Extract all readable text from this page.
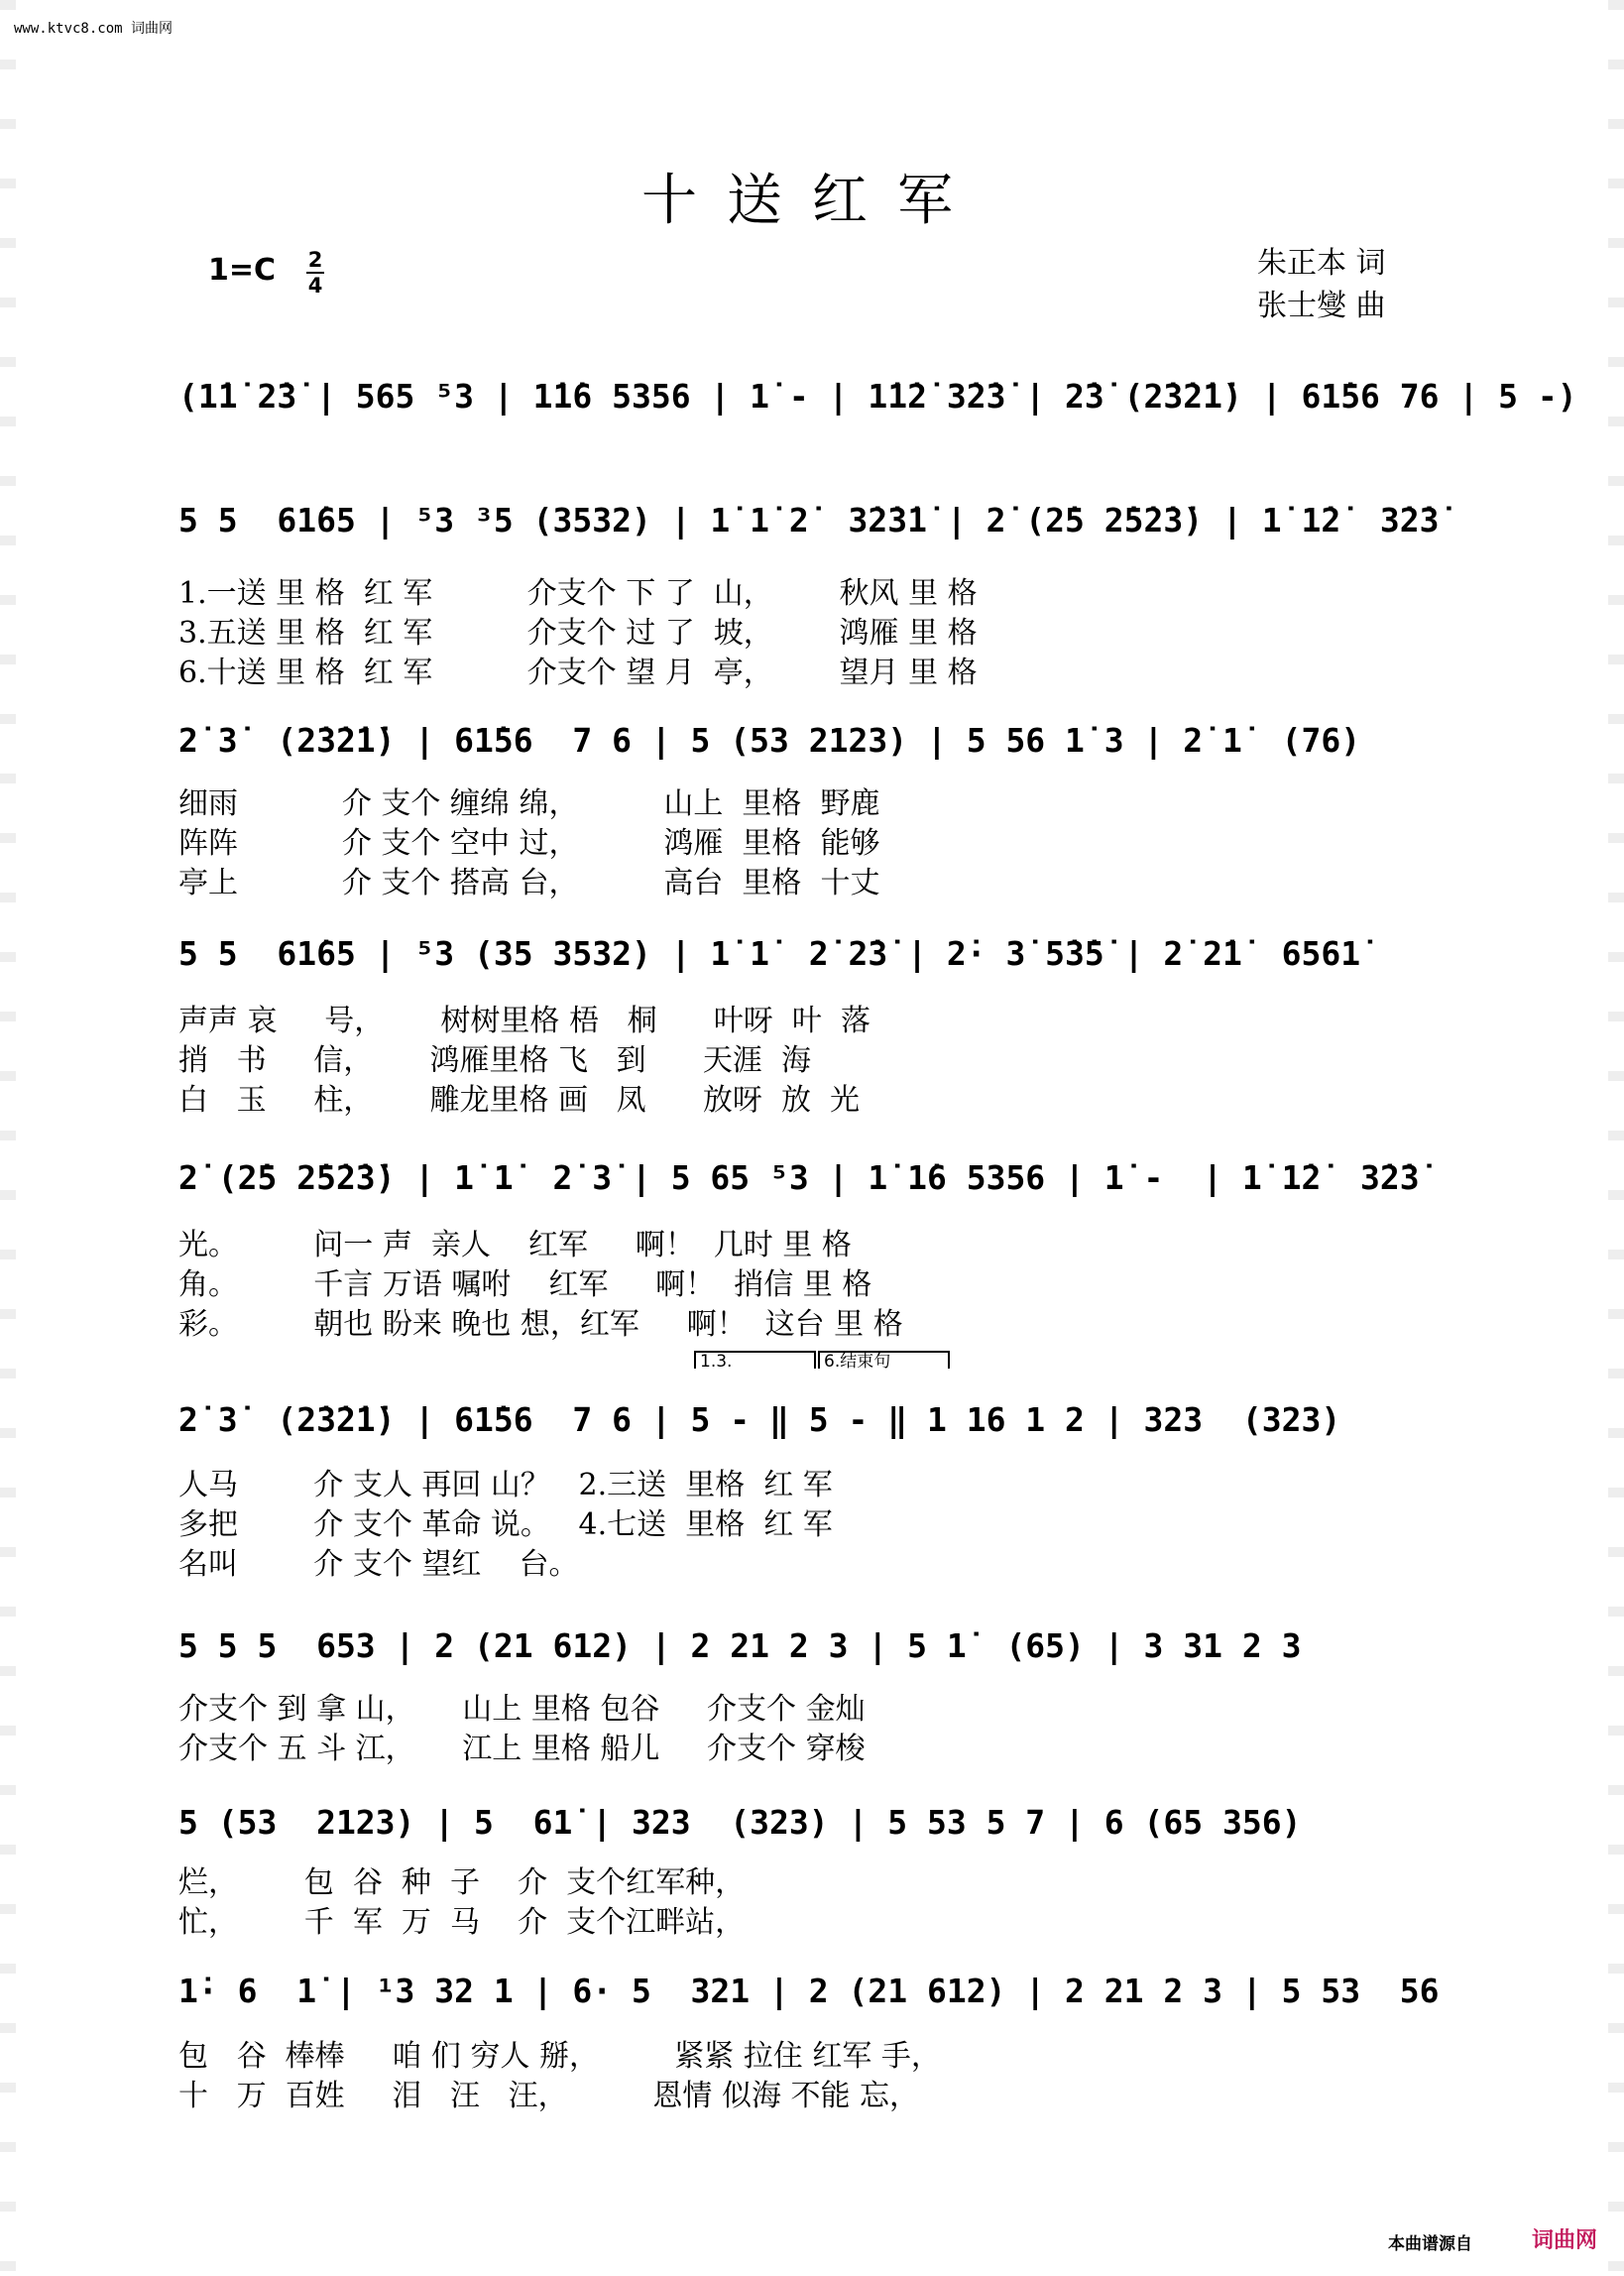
www.ktvc8.com 词曲网
十送红军
1=C 2
4
朱正本 词
张士燮 曲
(1̇1̇ 2̇3̇ | 565 ⁵3 | 1̇1̇6 5356 | 1̇ - | 1̇1̇2̇ 3̇2̇3̇ | 2̇3̇ (2̇3̇2̇1̇) | 61̇56 76 | 5 -)
5 5  61̇65 | ⁵3 ³5 (3532) | 1̇ 1̇ 2̇  3̇2̇3̇1̇ | 2̇ (2̇5 2̇5̇2̇3̇) | 1̇ 1̇2̇  3̇2̇3̇
1.一送 里 格  红 军          介支个 下 了  山，       秋风 里 格
3.五送 里 格  红 军          介支个 过 了  坡，       鸿雁 里 格
6.十送 里 格  红 军          介支个 望 月  亭，       望月 里 格
2̇ 3̇  (2̇3̇2̇1̇) | 61̇56  7 6 | 5 (53 2123) | 5 56 1̇ 3 | 2̇ 1̇  (76)
细雨           介 支个 缠绵 绵，         山上  里格  野鹿
阵阵           介 支个 空中 过，         鸿雁  里格  能够
亭上           介 支个 搭高 台，         高台  里格  十丈
5 5  61̇65 | ⁵3 (35 3532) | 1̇ 1̇  2̇ 2̇3̇ | 2̇· 3̇ 5̇3̇5̇ | 2̇ 2̇1̇  6561̇
声声 哀     号，      树树里格 梧   桐      叶呀  叶  落
捎   书     信，      鸿雁里格 飞   到      天涯  海
白   玉     柱，      雕龙里格 画   凤      放呀  放  光
2̇ (2̇5 2̇5̇2̇3̇) | 1̇ 1̇  2̇ 3̇ | 5 65 ⁵3 | 1̇ 1̇6 5356 | 1̇ -  | 1̇ 1̇2̇  3̇2̇3̇
光。        问一 声  亲人    红军     啊！  几时 里 格
角。        千言 万语 嘱咐    红军     啊！  捎信 里 格
彩。        朝也 盼来 晚也 想，红军     啊！  这台 里 格
1.3.	6.结束句
2̇ 3̇  (2̇3̇2̇1̇) | 61̇56  7 6 | 5 - ‖ 5 - ‖ 1 16 1 2 | 323  (323)
人马        介 支人 再回 山？   2.三送  里格  红 军
多把        介 支个 革命 说。   4.七送  里格  红 军
名叫        介 支个 望红    台。
5 5 5  653 | 2 (21 612) | 2 21 2 3 | 5 1̇  (65) | 3 31 2 3
介支个 到 拿 山，     山上 里格 包谷     介支个 金灿
介支个 五 斗 江，     江上 里格 船儿     介支个 穿梭
5 (53  2123) | 5  61̇ | 323  (323) | 5 53 5 7 | 6 (65 356)
烂，       包  谷  种  子    介  支个红军种，
忙，       千  军  万  马    介  支个江畔站，
1̇· 6  1̇ | ¹3 32 1 | 6· 5  321 | 2 (21 612) | 2 21 2 3 | 5 53  56
包   谷  棒棒     咱 们 穷人 掰，        紧紧 拉住 红军 手，
十   万  百姓     泪   汪   汪，         恩情 似海 不能 忘，
本曲谱源自	词曲网
